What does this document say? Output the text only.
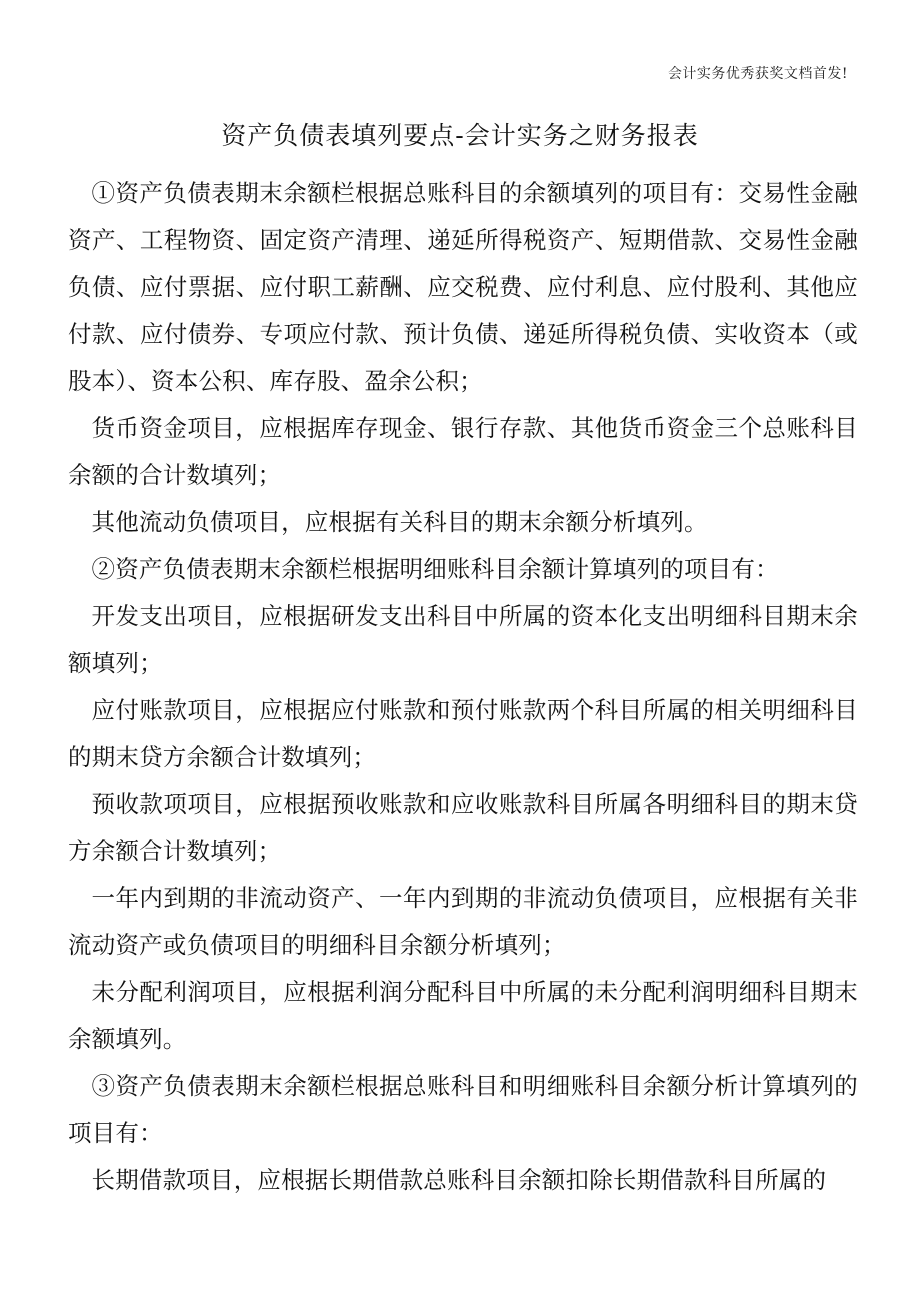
会计实务优秀获奖文档首发!
资产负债表填列要点-会计实务之财务报表

①资产负债表期末余额栏根据总账科目的余额填列的项目有：交易性金融资产、工程物资、固定资产清理、递延所得税资产、短期借款、交易性金融负债、应付票据、应付职工薪酬、应交税费、应付利息、应付股利、其他应付款、应付债券、专项应付款、预计负债、递延所得税负债、实收资本（或股本）、资本公积、库存股、盈余公积；

货币资金项目，应根据库存现金、银行存款、其他货币资金三个总账科目余额的合计数填列；

其他流动负债项目，应根据有关科目的期末余额分析填列。

②资产负债表期末余额栏根据明细账科目余额计算填列的项目有：

开发支出项目，应根据研发支出科目中所属的资本化支出明细科目期末余额填列；

应付账款项目，应根据应付账款和预付账款两个科目所属的相关明细科目的期末贷方余额合计数填列；

预收款项项目，应根据预收账款和应收账款科目所属各明细科目的期末贷方余额合计数填列；

一年内到期的非流动资产、一年内到期的非流动负债项目，应根据有关非流动资产或负债项目的明细科目余额分析填列；

未分配利润项目，应根据利润分配科目中所属的未分配利润明细科目期末余额填列。

③资产负债表期末余额栏根据总账科目和明细账科目余额分析计算填列的项目有：

长期借款项目，应根据长期借款总账科目余额扣除长期借款科目所属的
